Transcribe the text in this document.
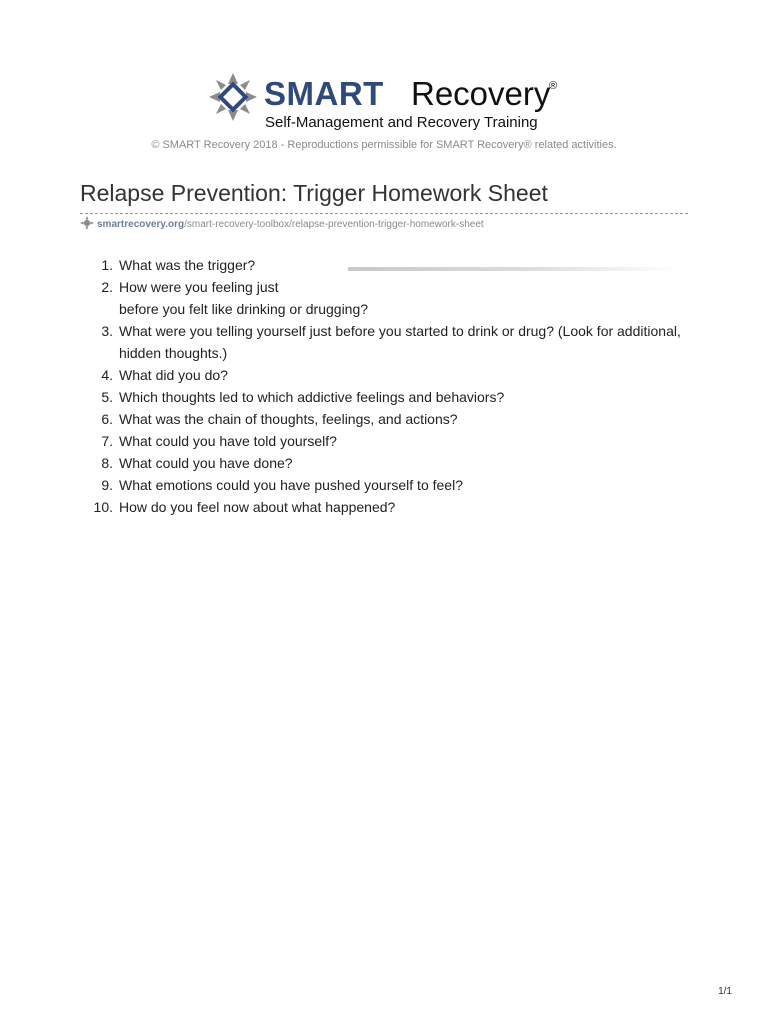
SMART Recovery
®
Self-Management and Recovery Training
© SMART Recovery 2018 - Reproductions permissible for SMART Recovery® related activities.
Relapse Prevention: Trigger Homework Sheet
smartrecovery.org/smart-recovery-toolbox/relapse-prevention-trigger-homework-sheet
1. What was the trigger?
2. How were you feeling just
before you felt like drinking or drugging?
3. What were you telling yourself just before you started to drink or drug? (Look for additional, hidden thoughts.)
4. What did you do?
5. Which thoughts led to which addictive feelings and behaviors?
6. What was the chain of thoughts, feelings, and actions?
7. What could you have told yourself?
8. What could you have done?
9. What emotions could you have pushed yourself to feel?
10. How do you feel now about what happened?
1/1
